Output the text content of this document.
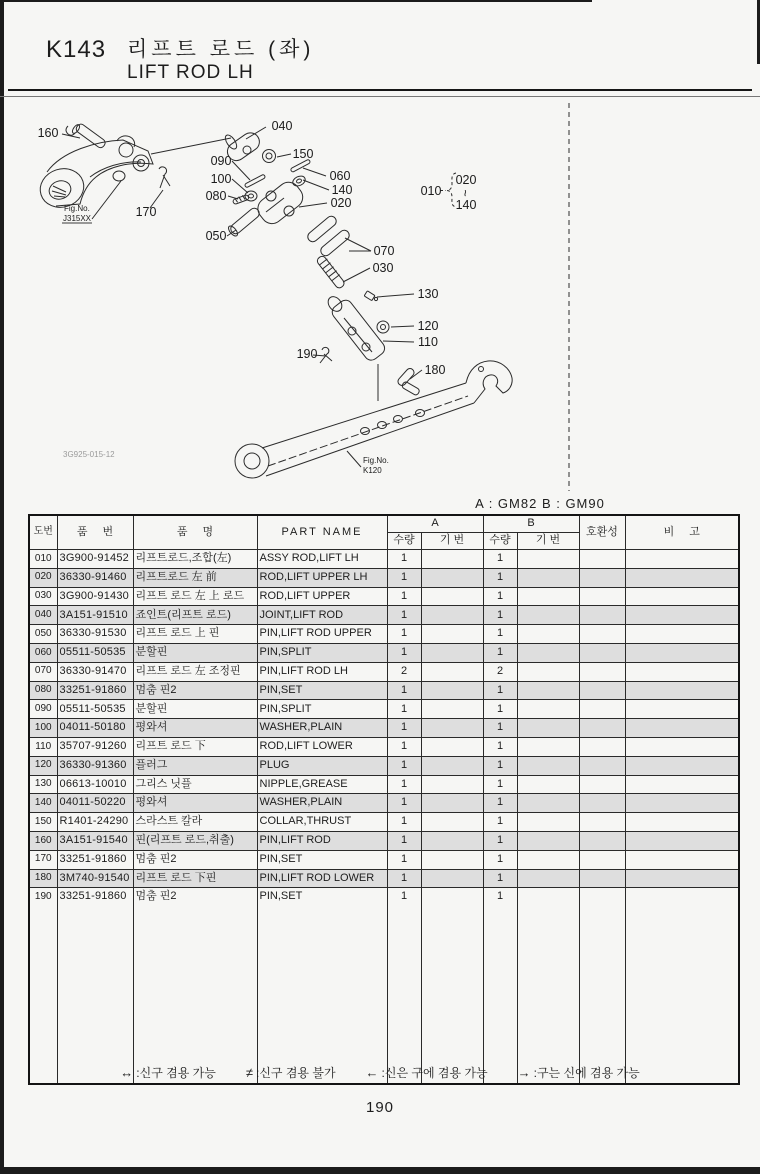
K143 리프트 로드 (좌)
LIFT ROD LH
010
020
~
140
Fig.No.
J315XX
Fig.No.
K120
3G925-015-12
160	040
150
090
100
080
060
140
020
170
050
070
030
130
120
110
190
180
A : GM82 B : GM90
도번	품 번	품 명	PART NAME	A		B		호환성	비 고
				수량	기 번	수량	기 번		
010	3G900-91452	리프트로드,조합(左)	ASSY ROD,LIFT LH	1		1			
020	36330-91460	리프트로드 左 前	ROD,LIFT UPPER LH	1		1			
030	3G900-91430	리프트 로드 左 上 로드	ROD,LIFT UPPER	1		1			
040	3A151-91510	죠인트(리프트 로드)	JOINT,LIFT ROD	1		1			
050	36330-91530	리프트 로드 上 핀	PIN,LIFT ROD UPPER	1		1			
060	05511-50535	분할핀	PIN,SPLIT	1		1			
070	36330-91470	리프트 로드 左 조정핀	PIN,LIFT ROD LH	2		2			
080	33251-91860	멈춤 핀2	PIN,SET	1		1			
090	05511-50535	분할핀	PIN,SPLIT	1		1			
100	04011-50180	평와셔	WASHER,PLAIN	1		1			
110	35707-91260	리프트 로드 下	ROD,LIFT LOWER	1		1			
120	36330-91360	플러그	PLUG	1		1			
130	06613-10010	그리스 닛플	NIPPLE,GREASE	1		1			
140	04011-50220	평와셔	WASHER,PLAIN	1		1			
150	R1401-24290	스라스트 칼라	COLLAR,THRUST	1		1			
160	3A151-91540	핀(리프트 로드,취출)	PIN,LIFT ROD	1		1			
170	33251-91860	멈춤 핀2	PIN,SET	1		1			
180	3M740-91540	리프트 로드 下핀	PIN,LIFT ROD LOWER	1		1			
190	33251-91860	멈춤 핀2	PIN,SET	1		1			

↔ :신구 겸용 가능 ≠ :신구 겸용 불가 ← :신은 구에 겸용 가능 → :구는 신에 겸용 가능
190
